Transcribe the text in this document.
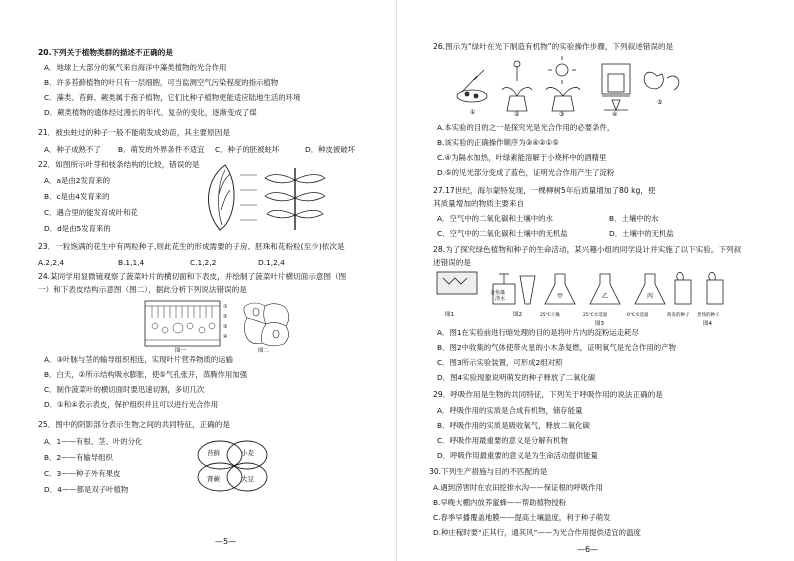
20.下列关于植物类群的描述不正确的是
A．地球上大部分的氧气来自海洋中藻类植物的光合作用
B．许多苔藓植物的叶只有一层细胞，可当监测空气污染程度的指示植物
C．藻类、苔藓、蕨类属于孢子植物，它们比种子植物更能适应陆地生活的环境
D．蕨类植物的遗体经过漫长的年代、复杂的变化，逐渐变成了煤
21．被虫蛀过的种子一般不能萌发成幼苗，其主要原因是
A．种子成熟不了 B．萌发的外界条件不适宜 C．种子的胚被蛀坏	D．种皮被破坏
22．如图所示叶芽和枝条结构的比较，错误的是
A．a是由2发育来的
B．c是由4发育来的
C．遇合里的能发育成叶和花
D．d是由5发育来的
23．一粒饱满的花生中有两粒种子,则此花生的形成需要的子房、胚珠和花粉粒(至少)依次是
A.2,2,4	B.1,1,4	C.1,2,2	D.1,2,4
24.某同学用显微镜观察了菠菜叶片的横切面和下表皮，并绘制了菠菜叶片横切面示意图（图
一）和下表皮结构示意图（图二），据此分析下列说法错误的是
①
②
③
④
图一	图二
A．③叶脉与茎的输导组织相连，实现叶片营养物质的运输
B．白天，②所示结构吸水膨胀，使⑤气孔张开，蒸腾作用加强
C．制作菠菜叶的横切面时要迅速切割，多切几次
D．①和④表示表皮，保护组织并且可以进行光合作用
25．图中的阴影部分表示生物之间的共同特征，正确的是
A．1——有根、茎、叶的分化
B．2——有输导组织
C．3——种子外有果皮
D．4——都是双子叶植物
苔藓	小麦
肾蕨	大豆
—5—
26.图示为“绿叶在光下制造有机物”的实验操作步骤，下列叙述错误的是
①	②	③	④
⑤
A.本实验的目的之一是探究光是光合作用的必要条件，
B.该实验的正确操作顺序为③④②①⑤
C.④为隔水加热，叶绿素能溶解于小烧杯中的酒精里
D.⑤的见光部分变成了蓝色，证明光合作用产生了淀粉
27.17世纪，海尔蒙特发现，一棵柳树5年后质量增加了80 kg，使
其质量增加的物质主要来自
A．空气中的二氧化碳和土壤中的水	B．土壤中的水
C．空气中的二氧化碳和土壤中的无机盐	D．土壤中的无机盐
28.为了探究绿色植物和种子的生命活动，某兴趣小组的同学设计并实施了以下实验。下列叙
述错误的是
清水
金鱼藻	甲	乙	丙
图1	图2	25℃干燥	25℃水适量	0℃水适量	萌发的种子 煮熟的种子
图3	图4
A．图1在实验前进行暗处理的目的是将叶片内的淀粉运走耗尽
B．图2中收集的气体使带火星的小木条复燃，证明氧气是光合作用的产物
C．图3所示实验装置，可形成2组对照
D．图4实验现象说明萌发的种子释放了二氧化碳
29．呼吸作用是生物的共同特征，下列关于呼吸作用的说法正确的是
A．呼吸作用的实质是合成有机物，储存能量
B．呼吸作用的实质是吸收氧气，释放二氧化碳
C．呼吸作用最重要的意义是分解有机物
D．呼吸作用最重要的意义是为生命活动提供能量
30.下列生产措施与目的不匹配的是
A.遇到涝害时在农田挖排水沟——保证根的呼吸作用
B.早晚大棚内放养蜜蜂——帮助植物授粉
C.春季早播覆盖地膜——提高土壤温度，利于种子萌发
D.种庄稼时要“正其行，通其风”——为光合作用提供适宜的温度
—6—
